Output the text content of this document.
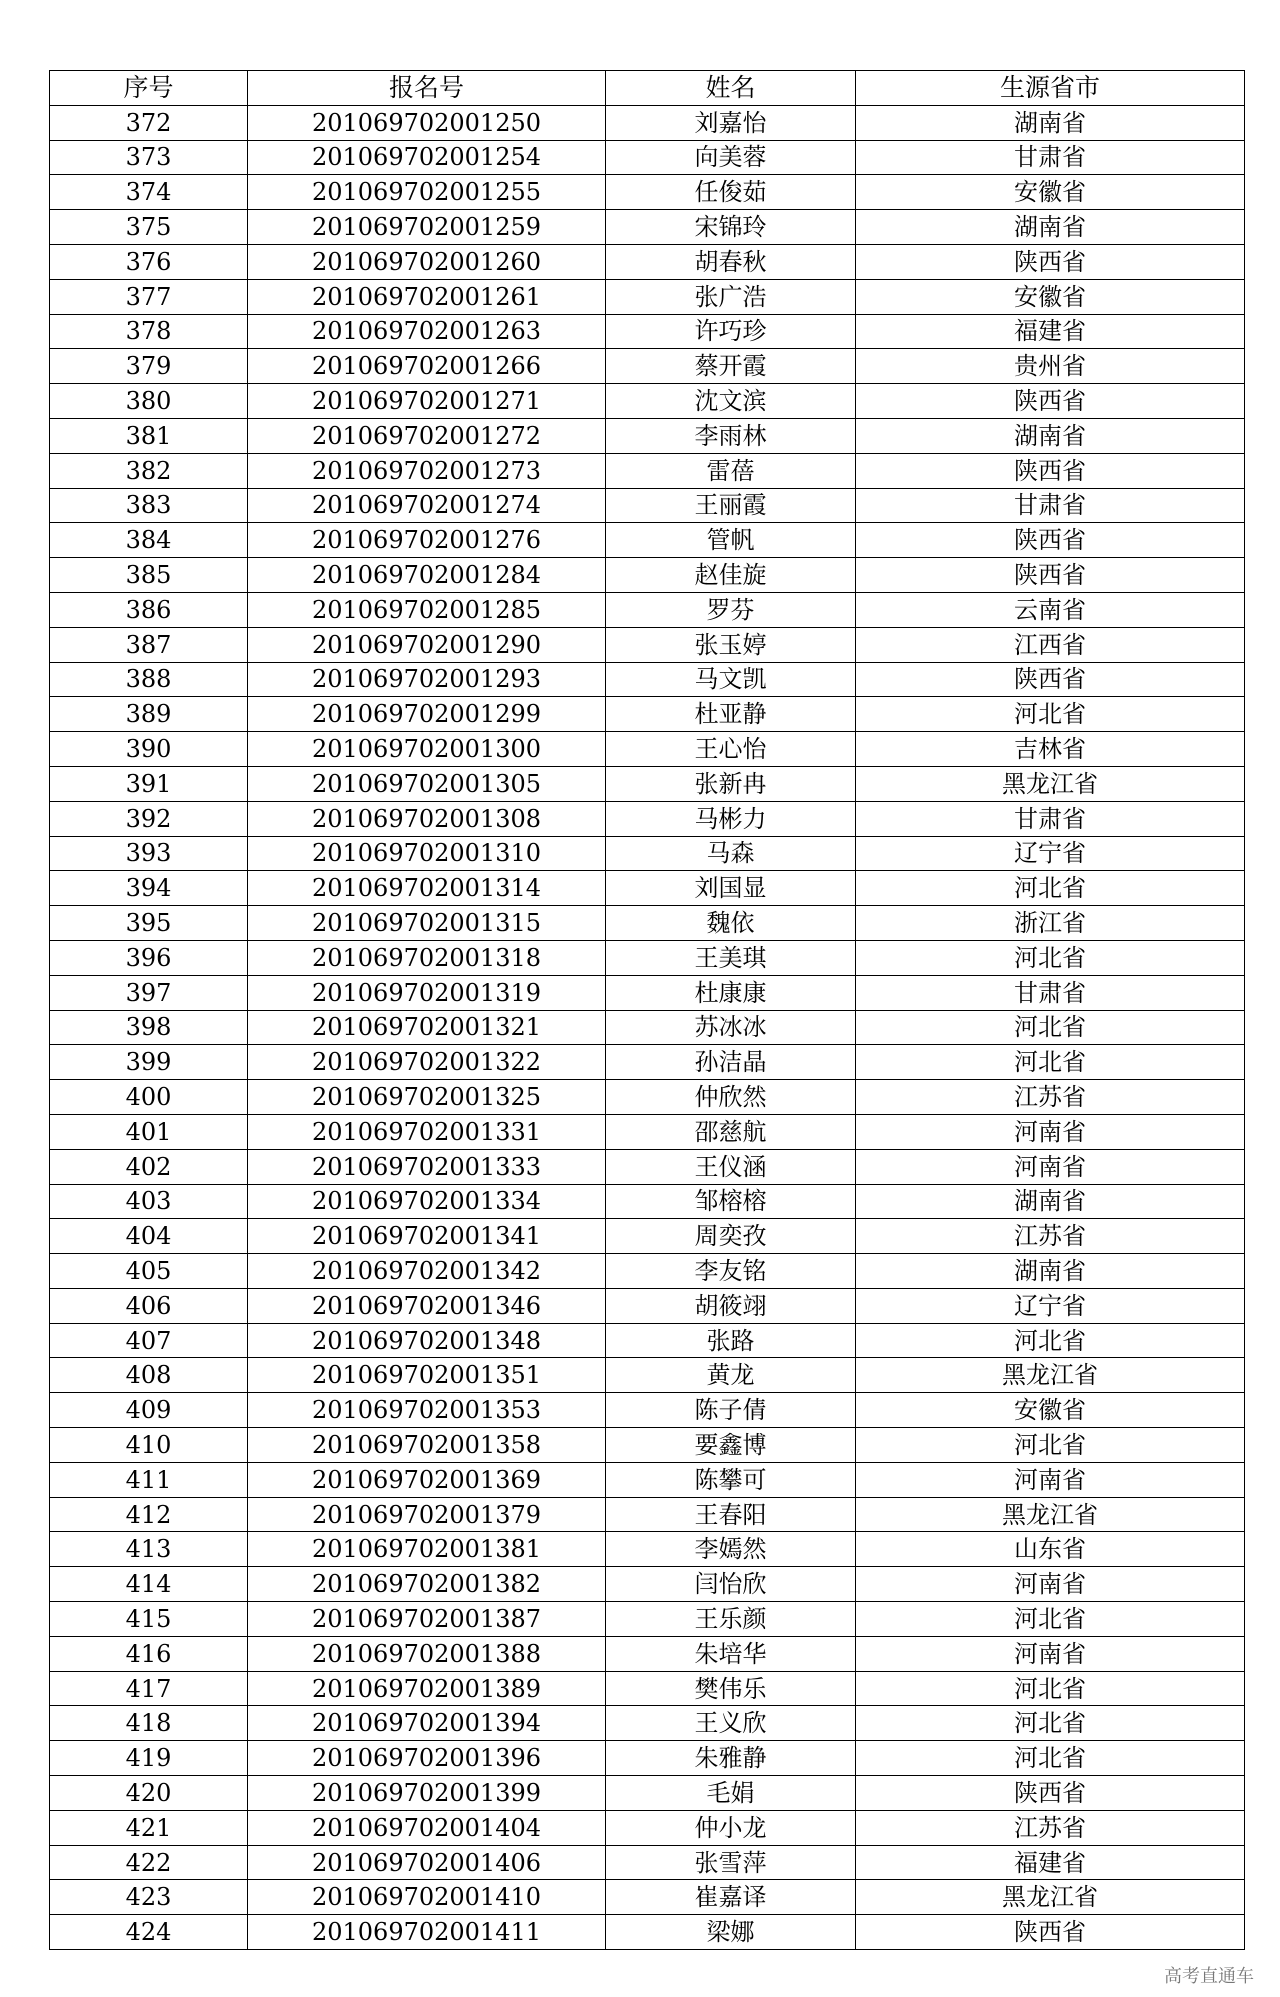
序号	报名号	姓名	生源省市
372	201069702001250	刘嘉怡	湖南省
373	201069702001254	向美蓉	甘肃省
374	201069702001255	任俊茹	安徽省
375	201069702001259	宋锦玲	湖南省
376	201069702001260	胡春秋	陕西省
377	201069702001261	张广浩	安徽省
378	201069702001263	许巧珍	福建省
379	201069702001266	蔡开霞	贵州省
380	201069702001271	沈文滨	陕西省
381	201069702001272	李雨林	湖南省
382	201069702001273	雷蓓	陕西省
383	201069702001274	王丽霞	甘肃省
384	201069702001276	管帆	陕西省
385	201069702001284	赵佳旋	陕西省
386	201069702001285	罗芬	云南省
387	201069702001290	张玉婷	江西省
388	201069702001293	马文凯	陕西省
389	201069702001299	杜亚静	河北省
390	201069702001300	王心怡	吉林省
391	201069702001305	张新冉	黑龙江省
392	201069702001308	马彬力	甘肃省
393	201069702001310	马森	辽宁省
394	201069702001314	刘国显	河北省
395	201069702001315	魏依	浙江省
396	201069702001318	王美琪	河北省
397	201069702001319	杜康康	甘肃省
398	201069702001321	苏冰冰	河北省
399	201069702001322	孙洁晶	河北省
400	201069702001325	仲欣然	江苏省
401	201069702001331	邵慈航	河南省
402	201069702001333	王仪涵	河南省
403	201069702001334	邹榕榕	湖南省
404	201069702001341	周奕孜	江苏省
405	201069702001342	李友铭	湖南省
406	201069702001346	胡筱翊	辽宁省
407	201069702001348	张路	河北省
408	201069702001351	黄龙	黑龙江省
409	201069702001353	陈子倩	安徽省
410	201069702001358	要鑫博	河北省
411	201069702001369	陈攀可	河南省
412	201069702001379	王春阳	黑龙江省
413	201069702001381	李嫣然	山东省
414	201069702001382	闫怡欣	河南省
415	201069702001387	王乐颜	河北省
416	201069702001388	朱培华	河南省
417	201069702001389	樊伟乐	河北省
418	201069702001394	王义欣	河北省
419	201069702001396	朱雅静	河北省
420	201069702001399	毛娟	陕西省
421	201069702001404	仲小龙	江苏省
422	201069702001406	张雪萍	福建省
423	201069702001410	崔嘉译	黑龙江省
424	201069702001411	梁娜	陕西省
高考直通车
